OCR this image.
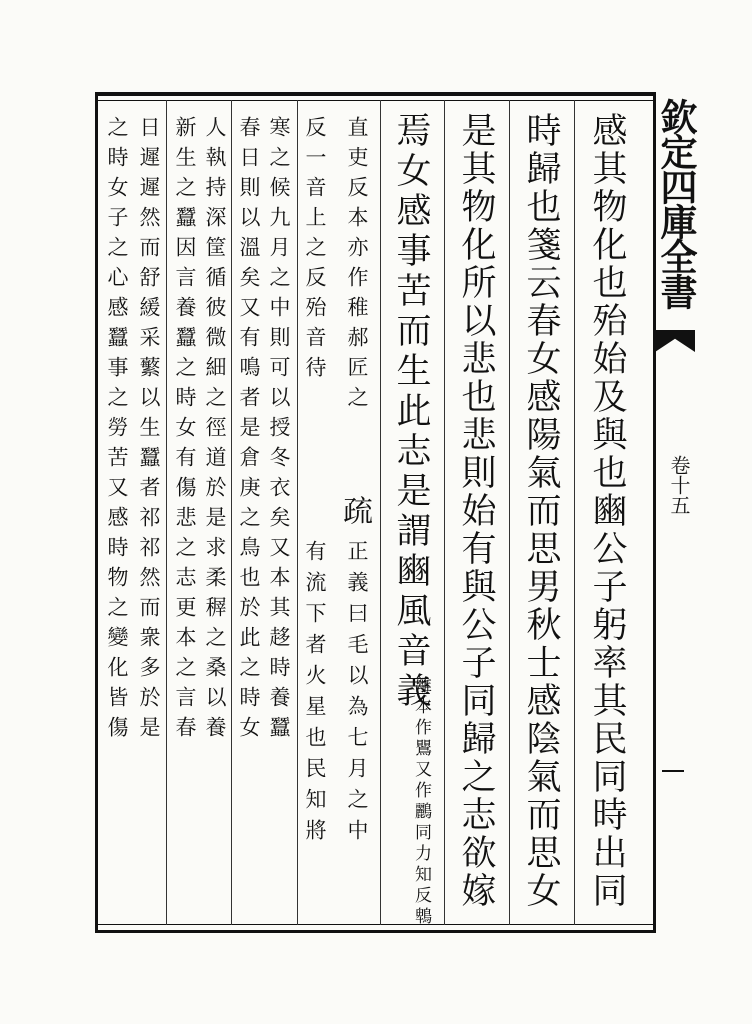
欽定四庫全書
卷十五
感其物化也殆始及與也豳公子躬率其民同時出同
時歸也箋云春女感陽氣而思男秋士感陰氣而思女
是其物化所以悲也悲則始有與公子同歸之志欲嫁
焉女感事苦而生此志是謂豳風音義
離本作鸎又作鸝同力知反鵯
直吏反本亦作稚郝匠之
疏
正義曰毛以為七月之中
反一音上之反殆音待
有流下者火星也民知將
寒之候九月之中則可以授冬衣矣又本其趍時養蠶
春日則以溫矣又有鳴者是倉庚之鳥也於此之時女
人執持深筐循彼微細之徑道於是求柔稺之桑以養
新生之蠶因言養蠶之時女有傷悲之志更本之言春
日遲遲然而舒緩采蘩以生蠶者祁祁然而衆多於是
之時女子之心感蠶事之勞苦又感時物之變化皆傷
